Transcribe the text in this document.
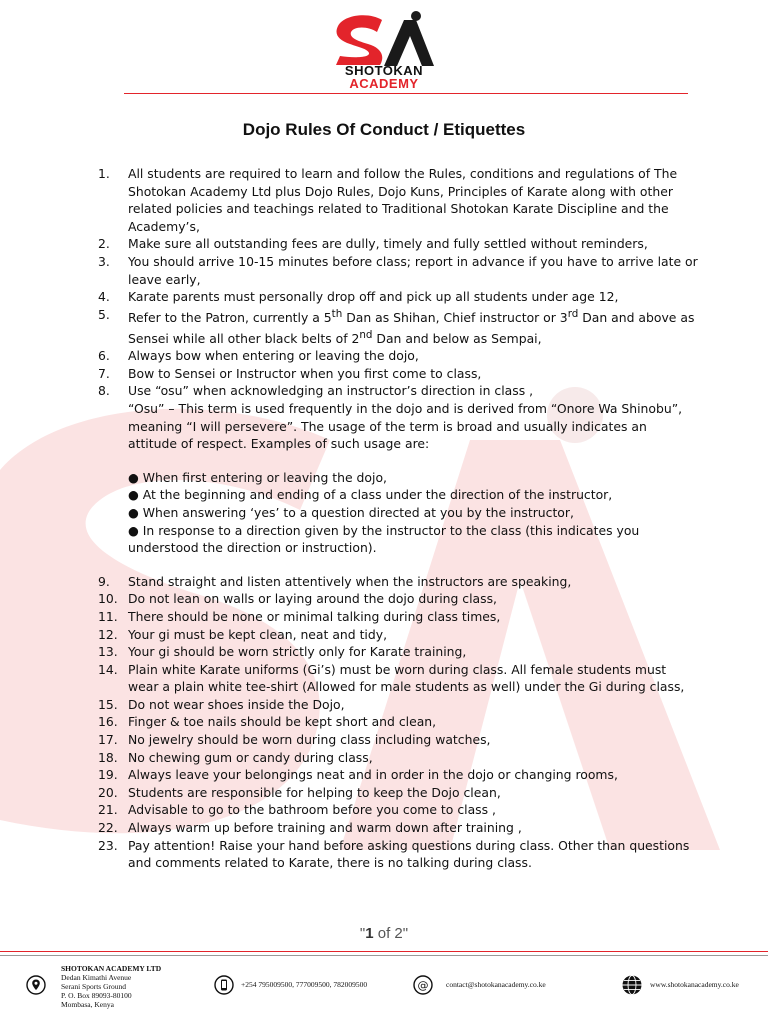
SHOTOKAN
ACADEMY
Dojo Rules Of Conduct / Etiquettes
1.	All students are required to learn and follow the Rules, conditions and regulations of The Shotokan Academy Ltd plus Dojo Rules, Dojo Kuns, Principles of Karate along with other related policies and teachings related to Traditional Shotokan Karate Discipline and the Academy’s,
2.	Make sure all outstanding fees are dully, timely and fully settled without reminders,
3.	You should arrive 10-15 minutes before class; report in advance if you have to arrive late or leave early,
4.	Karate parents must personally drop off and pick up all students under age 12,
5.	Refer to the Patron, currently a 5th Dan as Shihan, Chief instructor or 3rd Dan and above as Sensei while all other black belts of 2nd Dan and below as Sempai,
6.	Always bow when entering or leaving the dojo,
7.	Bow to Sensei or Instructor when you first come to class,
8.	Use “osu” when acknowledging an instructor’s direction in class ,
“Osu” – This term is used frequently in the dojo and is derived from “Onore Wa Shinobu”, meaning “I will persevere”. The usage of the term is broad and usually indicates an attitude of respect. Examples of such usage are:
● When first entering or leaving the dojo,
● At the beginning and ending of a class under the direction of the instructor,
● When answering ‘yes’ to a question directed at you by the instructor,
● In response to a direction given by the instructor to the class (this indicates you understood the direction or instruction).
9.	Stand straight and listen attentively when the instructors are speaking,
10. Do not lean on walls or laying around the dojo during class,
11. There should be none or minimal talking during class times,
12. Your gi must be kept clean, neat and tidy,
13. Your gi should be worn strictly only for Karate training,
14. Plain white Karate uniforms (Gi’s) must be worn during class. All female students must wear a plain white tee-shirt (Allowed for male students as well) under the Gi during class,
15. Do not wear shoes inside the Dojo,
16. Finger & toe nails should be kept short and clean,
17. No jewelry should be worn during class including watches,
18. No chewing gum or candy during class,
19. Always leave your belongings neat and in order in the dojo or changing rooms,
20. Students are responsible for helping to keep the Dojo clean,
21. Advisable to go to the bathroom before you come to class ,
22. Always warm up before training and warm down after training ,
23. Pay attention! Raise your hand before asking questions during class. Other than questions and comments related to Karate, there is no talking during class.
"1 of 2"
SHOTOKAN ACADEMY LTD
Dedan Kimathi Avenue
Serani Sports Ground
P. O. Box 89093-80100
Mombasa, Kenya
+254 795009500, 777009500, 782009500	@ contact@shotokanacademy.co.ke	www.shotokanacademy.co.ke
